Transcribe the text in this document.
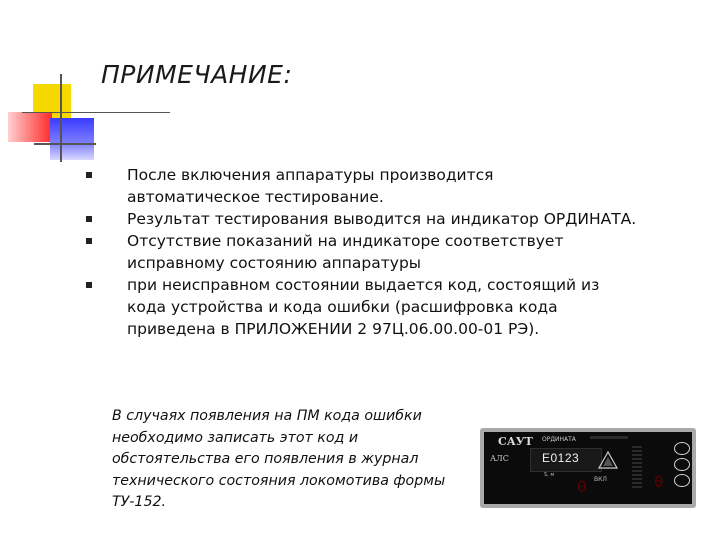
ПРИМЕЧАНИЕ:
После включения аппаратуры производится
автоматическое тестирование.
Результат тестирования выводится на индикатор ОРДИНАТА.
Отсутствие показаний на индикаторе соответствует
исправному состоянию аппаратуры
при неисправном состоянии выдается код, состоящий из
кода устройства и кода ошибки (расшифровка кода
приведена в ПРИЛОЖЕНИИ 2 97Ц.06.00.00-01 РЭ).
В случаях появления на ПМ кода ошибки
необходимо записать этот код и
обстоятельства его появления в журнал
технического состояния локомотива формы
ТУ-152.
САУТ
АЛС
ОРДИНАТА
E0123
S, м
0 ВКЛ	0
